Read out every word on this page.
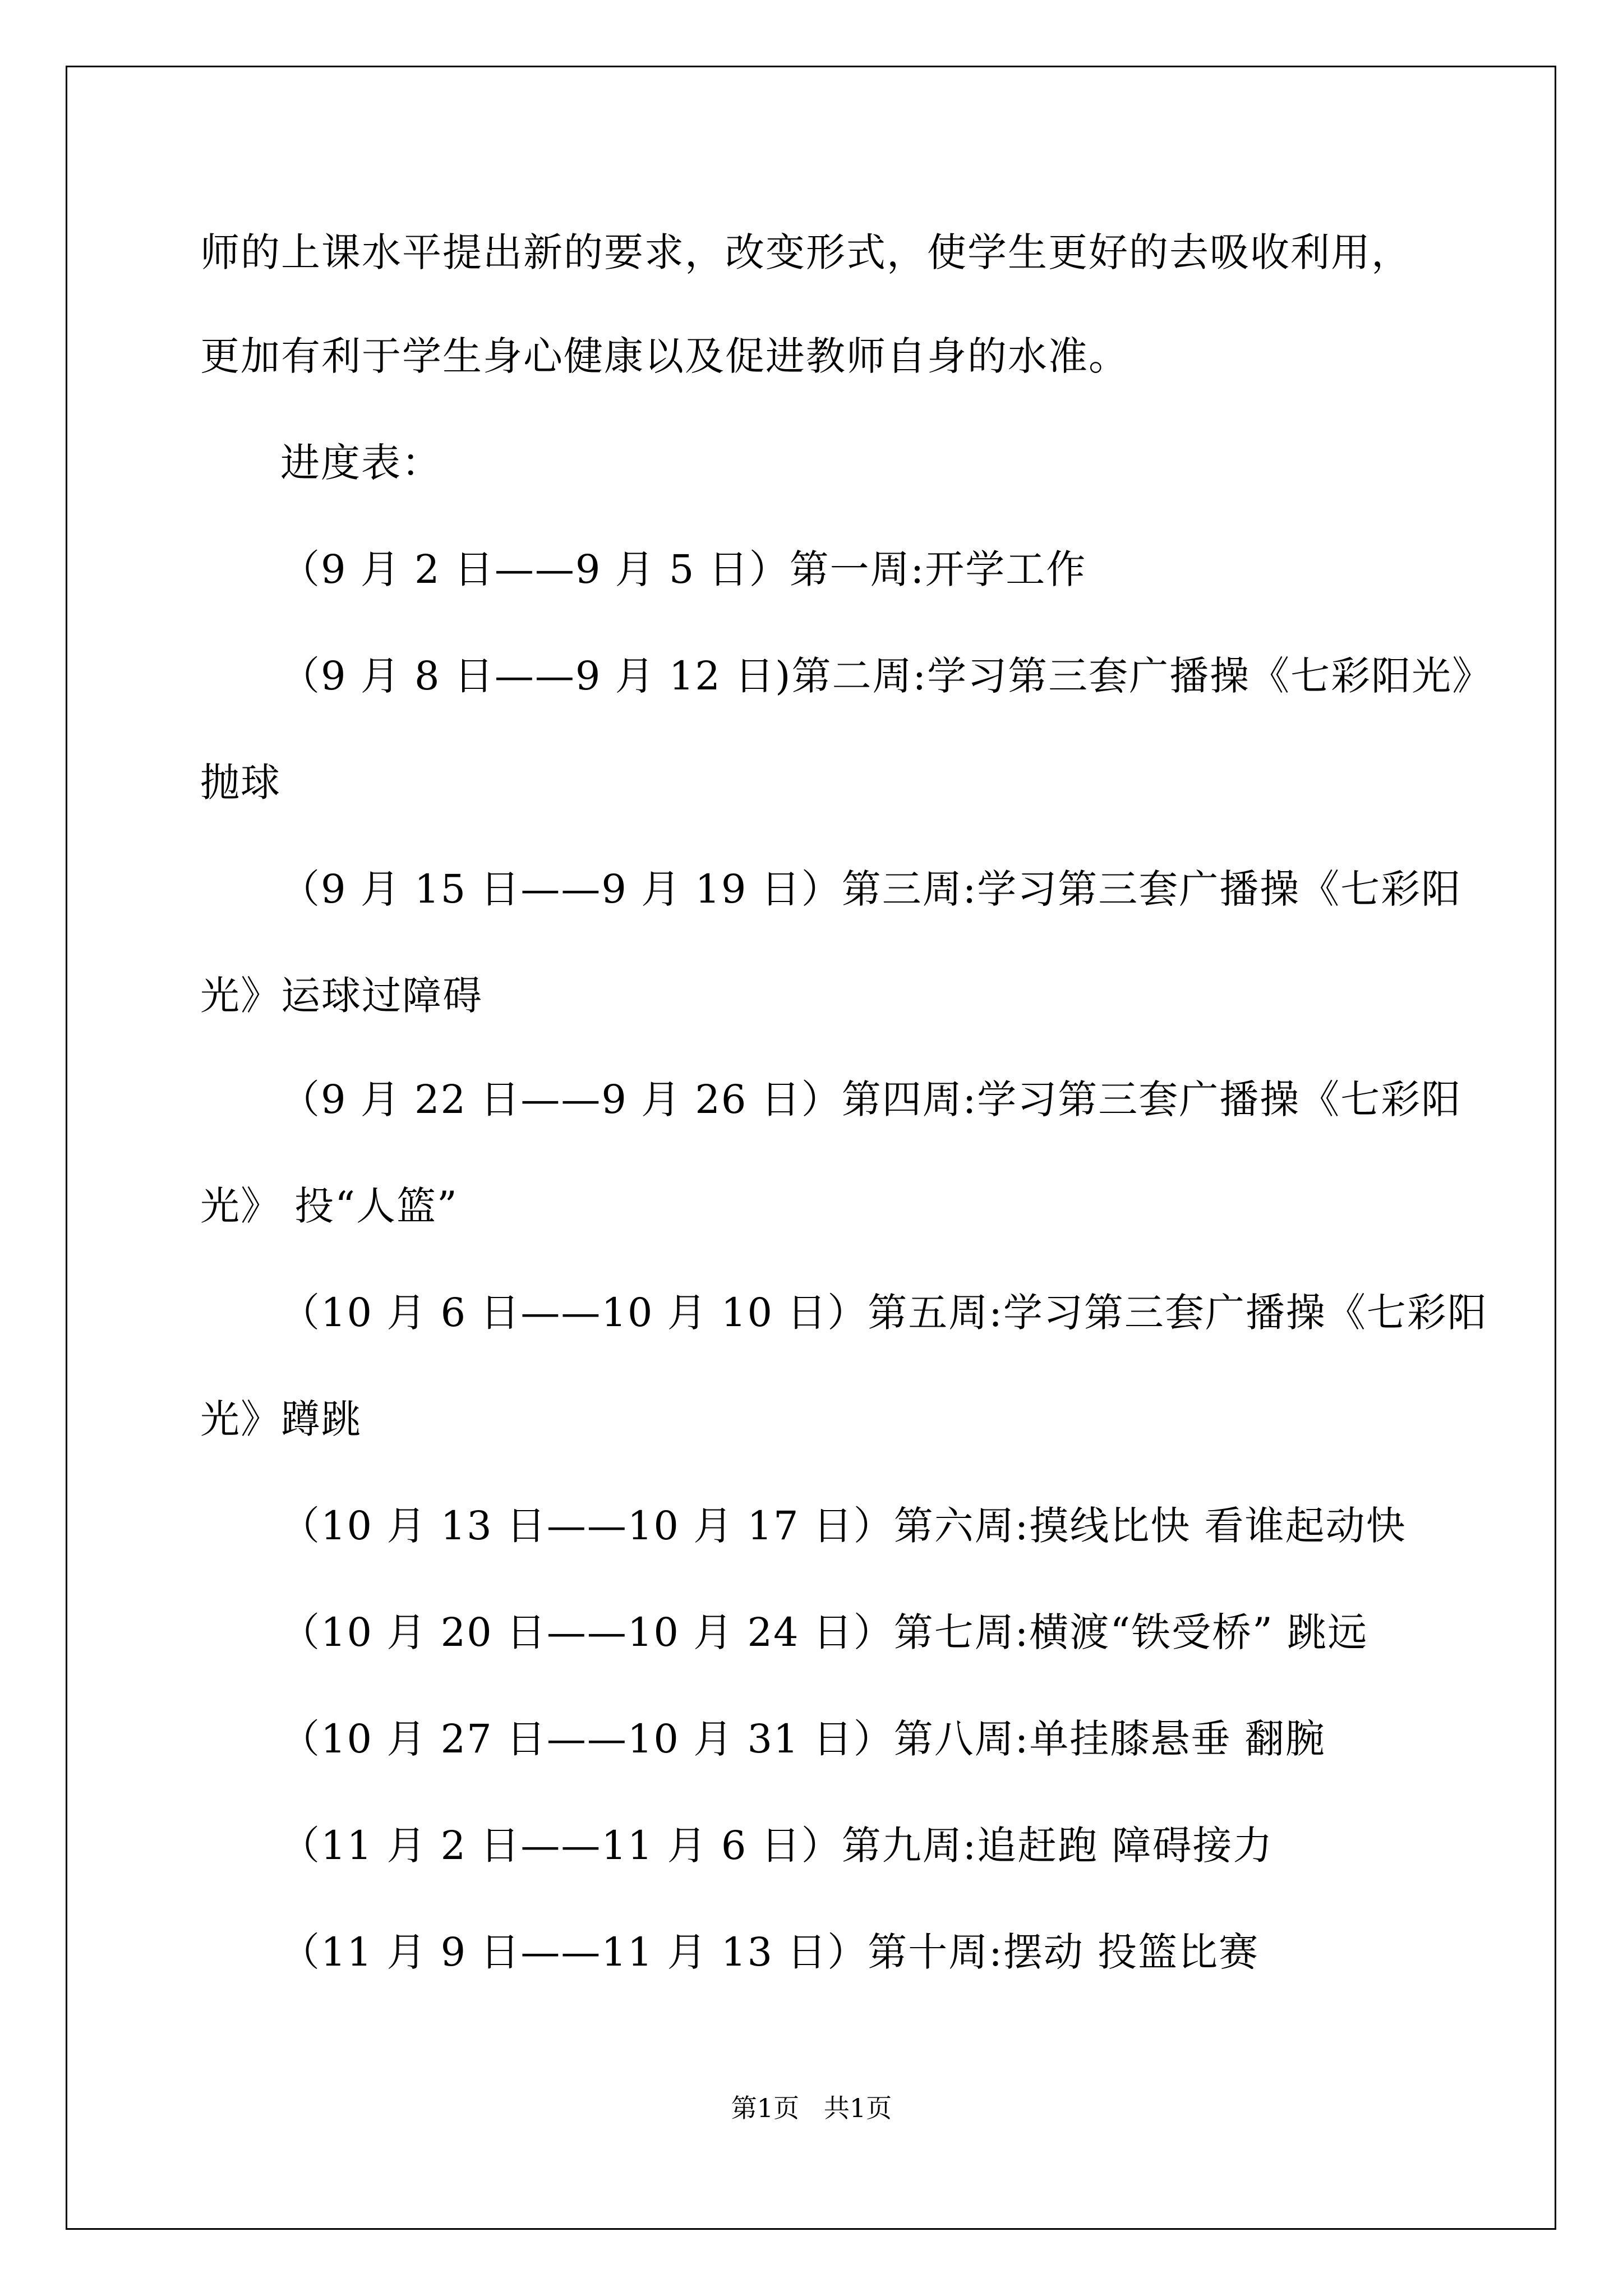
师的上课水平提出新的要求，改变形式，使学生更好的去吸收利用，
更加有利于学生身心健康以及促进教师自身的水准。
进度表：
（9 月 2 日——9 月 5 日）第一周:开学工作
（9 月 8 日——9 月 12 日)第二周:学习第三套广播操《七彩阳光》
抛球
（9 月 15 日——9 月 19 日）第三周:学习第三套广播操《七彩阳
光》运球过障碍
（9 月 22 日——9 月 26 日）第四周:学习第三套广播操《七彩阳
光》 投“人篮”
（10 月 6 日——10 月 10 日）第五周:学习第三套广播操《七彩阳
光》蹲跳
（10 月 13 日——10 月 17 日）第六周:摸线比快 看谁起动快
（10 月 20 日——10 月 24 日）第七周:横渡“铁受桥” 跳远
（10 月 27 日——10 月 31 日）第八周:单挂膝悬垂 翻腕
（11 月 2 日——11 月 6 日）第九周:追赶跑 障碍接力
（11 月 9 日——11 月 13 日）第十周:摆动 投篮比赛
第1页   共1页
